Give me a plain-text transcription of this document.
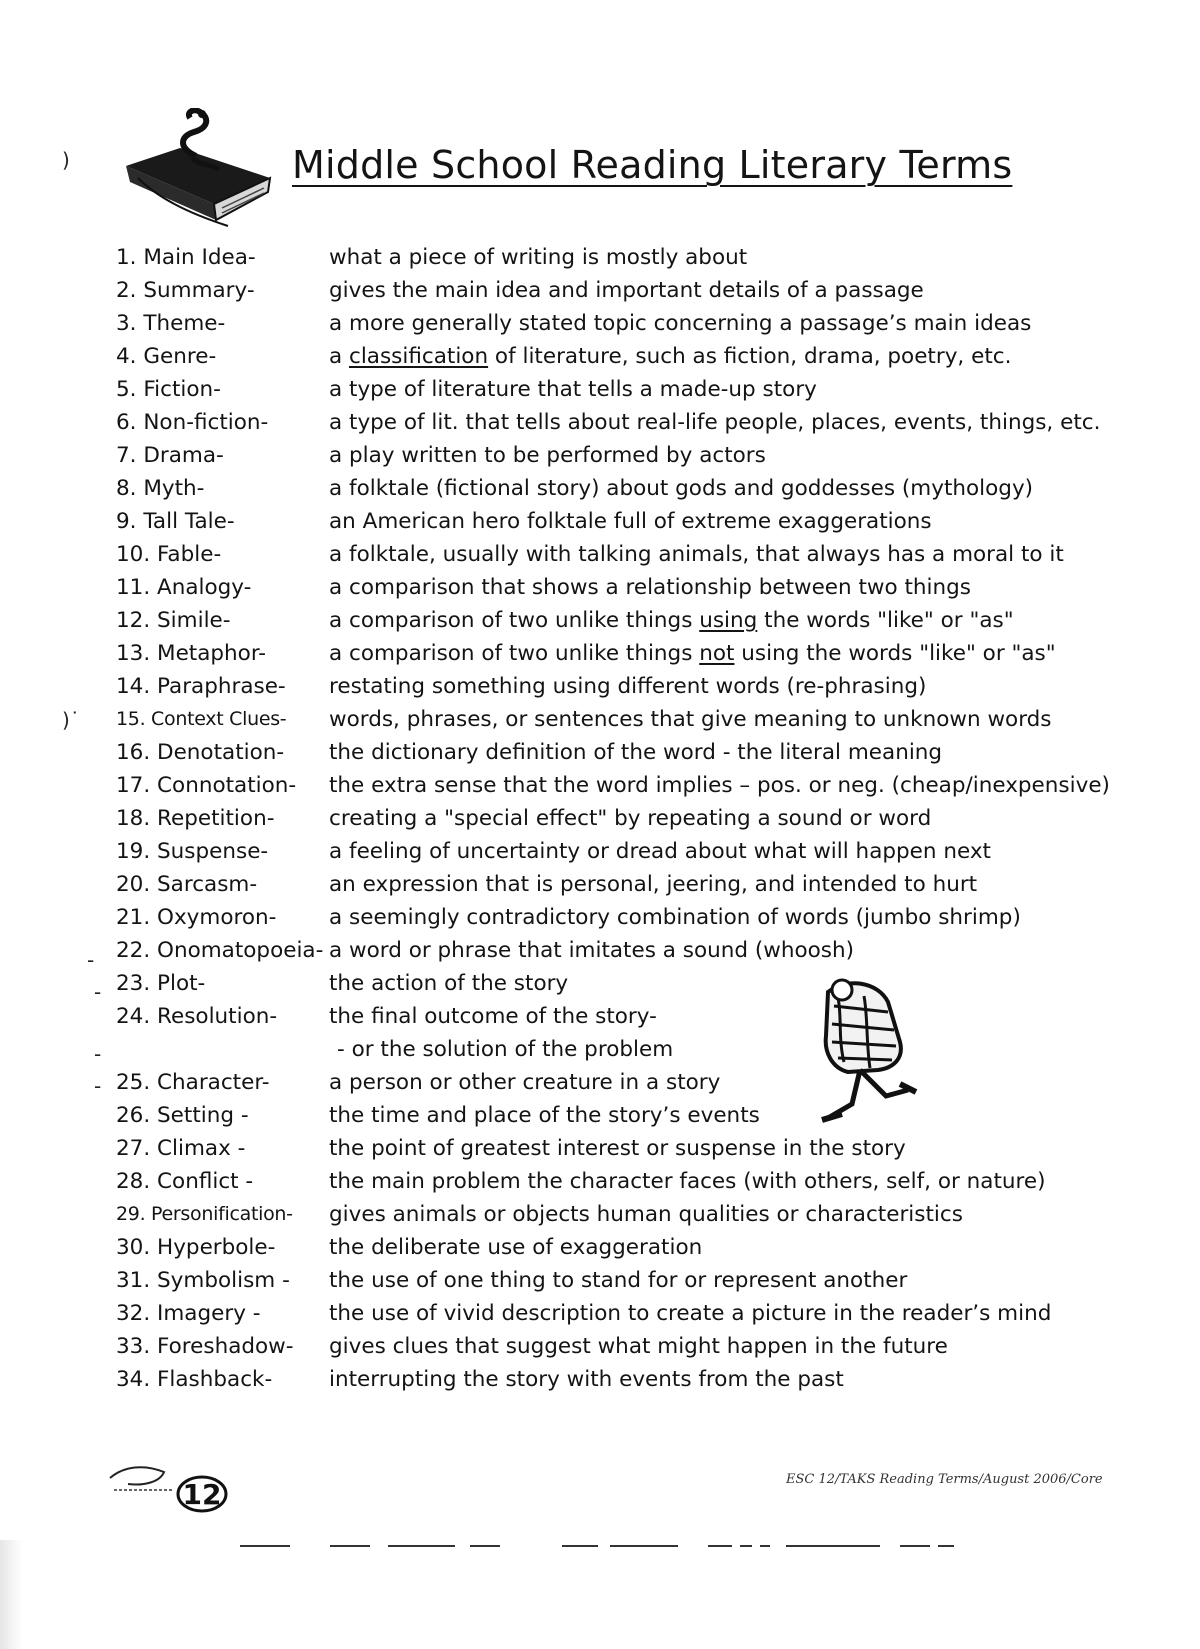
Middle School Reading Literary Terms
)
)˙
-
-
-
-
1. Main Idea-	what a piece of writing is mostly about
2. Summary-	gives the main idea and important details of a passage
3. Theme-	a more generally stated topic concerning a passage’s main ideas
4. Genre-	a classification of literature, such as fiction, drama, poetry, etc.
5. Fiction-	a type of literature that tells a made-up story
6. Non-fiction-	a type of lit. that tells about real-life people, places, events, things, etc.
7. Drama-	a play written to be performed by actors
8. Myth-	a folktale (fictional story) about gods and goddesses (mythology)
9. Tall Tale-	an American hero folktale full of extreme exaggerations
10. Fable-	a folktale, usually with talking animals, that always has a moral to it
11. Analogy-	a comparison that shows a relationship between two things
12. Simile-	a comparison of two unlike things using the words "like" or "as"
13. Metaphor-	a comparison of two unlike things not using the words "like" or "as"
14. Paraphrase-	restating something using different words (re-phrasing)
15. Context Clues-	words, phrases, or sentences that give meaning to unknown words
16. Denotation-	the dictionary definition of the word - the literal meaning
17. Connotation-	the extra sense that the word implies – pos. or neg. (cheap/inexpensive)
18. Repetition-	creating a "special effect" by repeating a sound or word
19. Suspense-	a feeling of uncertainty or dread about what will happen next
20. Sarcasm-	an expression that is personal, jeering, and intended to hurt
21. Oxymoron-	a seemingly contradictory combination of words (jumbo shrimp)
22. Onomatopoeia- a word or phrase that imitates a sound (whoosh)
23. Plot-	the action of the story
24. Resolution-	the final outcome of the story-
- or the solution of the problem
25. Character-	a person or other creature in a story
26. Setting -	the time and place of the story’s events
27. Climax -	the point of greatest interest or suspense in the story
28. Conflict -	the main problem the character faces (with others, self, or nature)
29. Personification-	gives animals or objects human qualities or characteristics
30. Hyperbole-	the deliberate use of exaggeration
31. Symbolism -	the use of one thing to stand for or represent another
32. Imagery -	the use of vivid description to create a picture in the reader’s mind
33. Foreshadow-	gives clues that suggest what might happen in the future
34. Flashback-	interrupting the story with events from the past
12	ESC 12/TAKS Reading Terms/August 2006/Core
